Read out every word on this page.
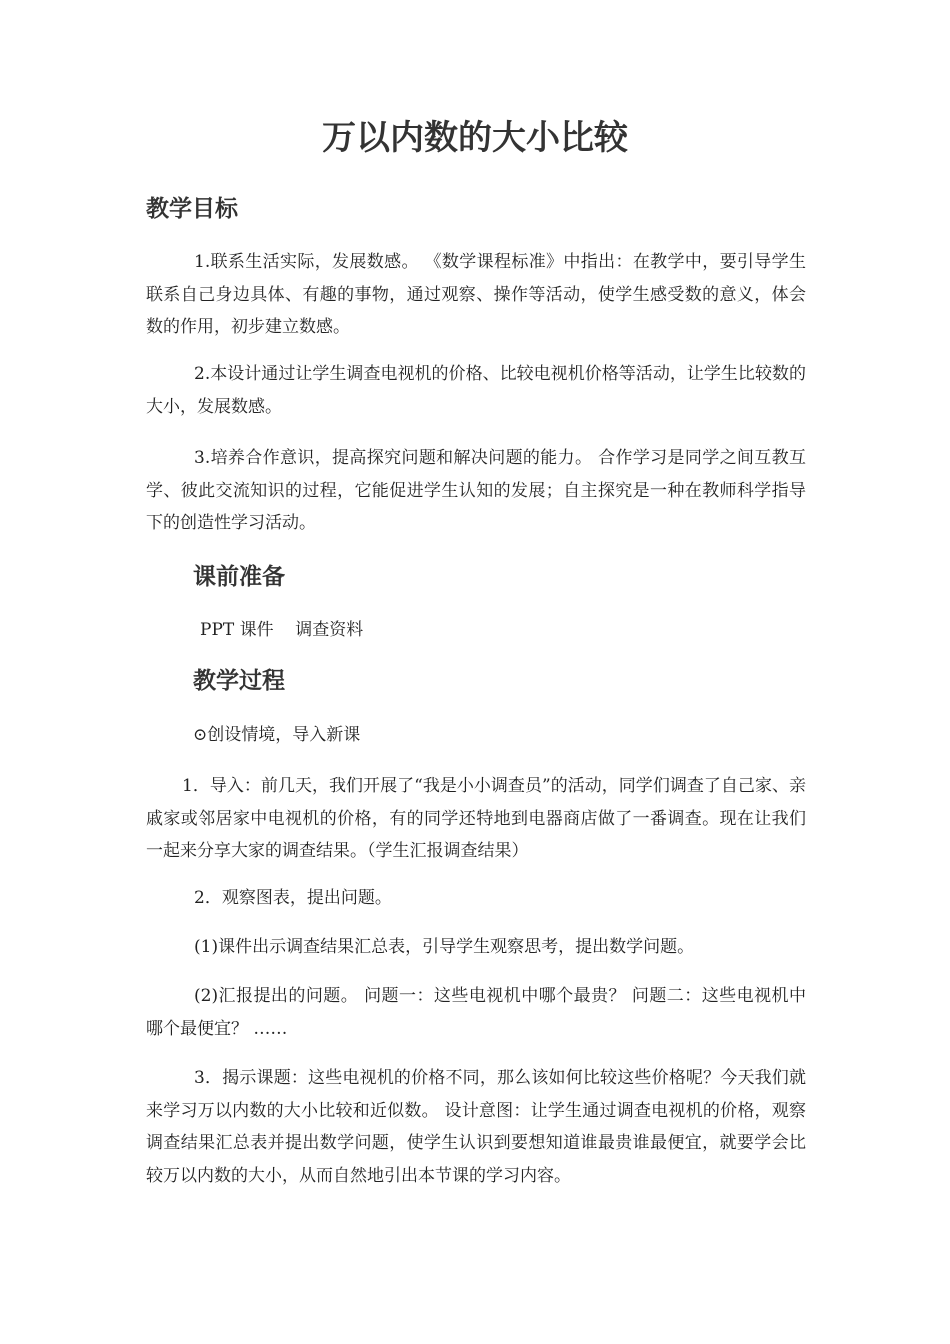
万以内数的大小比较
教学目标
1.联系生活实际，发展数感。 《数学课程标准》中指出：在教学中，要引导学生联系自己身边具体、有趣的事物，通过观察、操作等活动，使学生感受数的意义，体会数的作用，初步建立数感。
2.本设计通过让学生调查电视机的价格、比较电视机价格等活动，让学生比较数的大小，发展数感。
3.培养合作意识，提高探究问题和解决问题的能力。 合作学习是同学之间互教互学、彼此交流知识的过程，它能促进学生认知的发展；自主探究是一种在教师科学指导下的创造性学习活动。
课前准备
PPT 课件    调查资料
教学过程
⊙创设情境，导入新课
1．导入：前几天，我们开展了“我是小小调查员”的活动，同学们调查了自己家、亲戚家或邻居家中电视机的价格，有的同学还特地到电器商店做了一番调查。现在让我们一起来分享大家的调查结果。（学生汇报调查结果）
2．观察图表，提出问题。
(1)课件出示调查结果汇总表，引导学生观察思考，提出数学问题。
(2)汇报提出的问题。 问题一：这些电视机中哪个最贵？ 问题二：这些电视机中哪个最便宜？ ……
3．揭示课题：这些电视机的价格不同，那么该如何比较这些价格呢？今天我们就来学习万以内数的大小比较和近似数。 设计意图：让学生通过调查电视机的价格，观察调查结果汇总表并提出数学问题，使学生认识到要想知道谁最贵谁最便宜，就要学会比较万以内数的大小，从而自然地引出本节课的学习内容。
